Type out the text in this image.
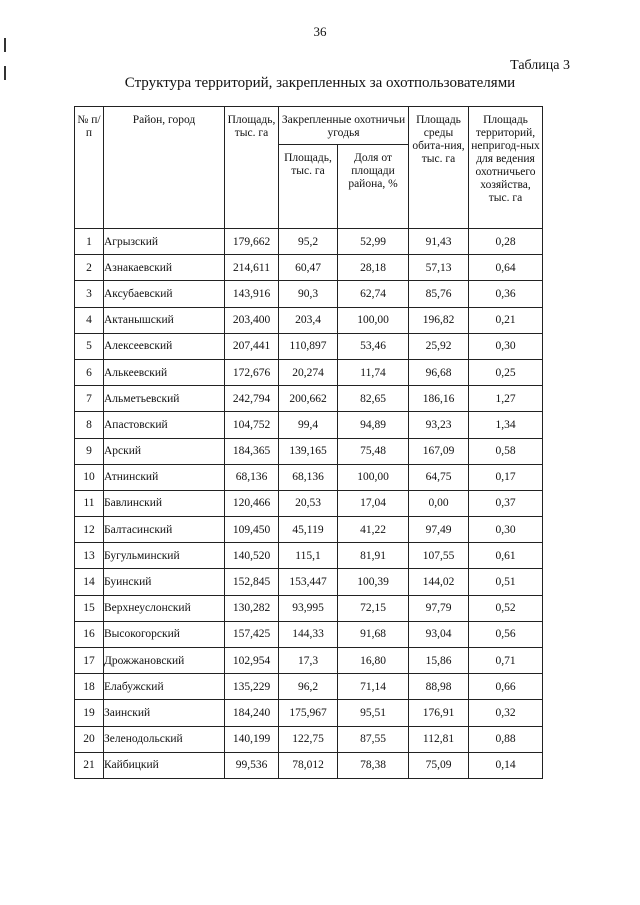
36
Таблица 3
Структура территорий, закрепленных за охотпользователями
№ п/п	Район, город	Площадь, тыс. га	Закрепленные охотничьи угодья		Площадь среды обита-ния, тыс. га	Площадь территорий, непригод-ных для ведения охотничьего хозяйства, тыс. га
			Площадь, тыс. га	Доля от площади района, %		
1	Агрызский	179,662	95,2	52,99	91,43	0,28
2	Азнакаевский	214,611	60,47	28,18	57,13	0,64
3	Аксубаевский	143,916	90,3	62,74	85,76	0,36
4	Актанышский	203,400	203,4	100,00	196,82	0,21
5	Алексеевский	207,441	110,897	53,46	25,92	0,30
6	Алькеевский	172,676	20,274	11,74	96,68	0,25
7	Альметьевский	242,794	200,662	82,65	186,16	1,27
8	Апастовский	104,752	99,4	94,89	93,23	1,34
9	Арский	184,365	139,165	75,48	167,09	0,58
10	Атнинский	68,136	68,136	100,00	64,75	0,17
11	Бавлинский	120,466	20,53	17,04	0,00	0,37
12	Балтасинский	109,450	45,119	41,22	97,49	0,30
13	Бугульминский	140,520	115,1	81,91	107,55	0,61
14	Буинский	152,845	153,447	100,39	144,02	0,51
15	Верхнеуслонский	130,282	93,995	72,15	97,79	0,52
16	Высокогорский	157,425	144,33	91,68	93,04	0,56
17	Дрожжановский	102,954	17,3	16,80	15,86	0,71
18	Елабужский	135,229	96,2	71,14	88,98	0,66
19	Заинский	184,240	175,967	95,51	176,91	0,32
20	Зеленодольский	140,199	122,75	87,55	112,81	0,88
21	Кайбицкий	99,536	78,012	78,38	75,09	0,14
